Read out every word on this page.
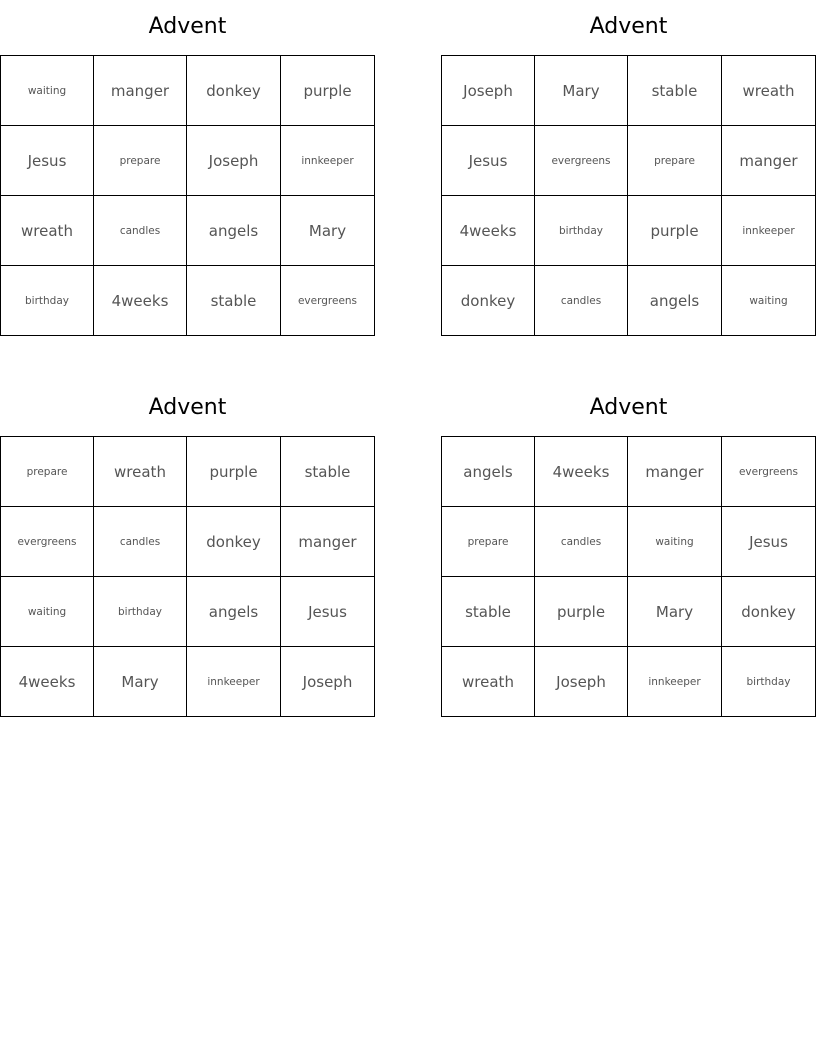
Advent
waiting	manger	donkey	purple
Jesus	prepare	Joseph	innkeeper
wreath	candles	angels	Mary
birthday	4weeks	stable	evergreens
Advent
Joseph	Mary	stable	wreath
Jesus	evergreens	prepare	manger
4weeks	birthday	purple	innkeeper
donkey	candles	angels	waiting
Advent
prepare	wreath	purple	stable
evergreens	candles	donkey	manger
waiting	birthday	angels	Jesus
4weeks	Mary	innkeeper	Joseph
Advent
angels	4weeks	manger	evergreens
prepare	candles	waiting	Jesus
stable	purple	Mary	donkey
wreath	Joseph	innkeeper	birthday
